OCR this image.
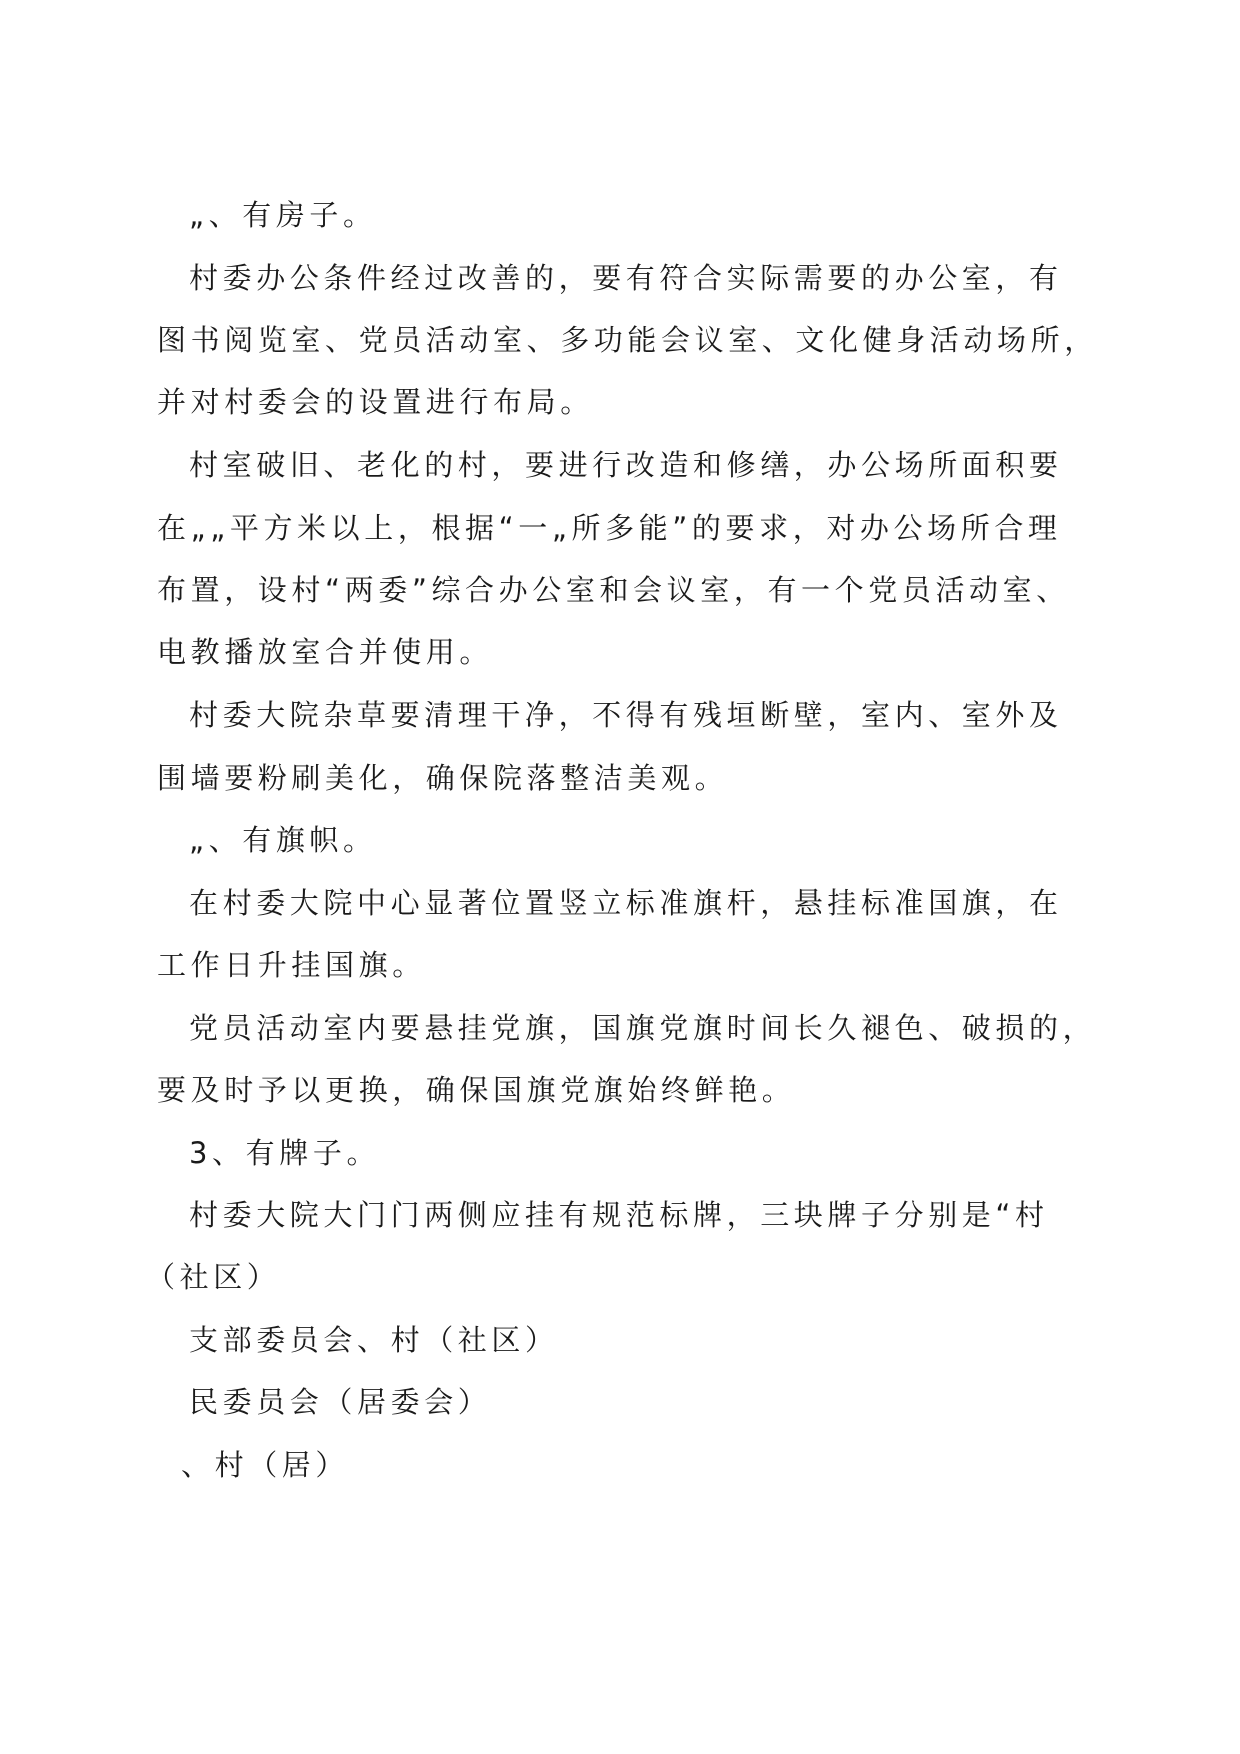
„、有房子。
村委办公条件经过改善的，要有符合实际需要的办公室，有
图书阅览室、党员活动室、多功能会议室、文化健身活动场所，
并对村委会的设置进行布局。
村室破旧、老化的村，要进行改造和修缮，办公场所面积要
在„„平方米以上，根据“一„所多能”的要求，对办公场所合理
布置，设村“两委”综合办公室和会议室，有一个党员活动室、
电教播放室合并使用。
村委大院杂草要清理干净，不得有残垣断壁，室内、室外及
围墙要粉刷美化，确保院落整洁美观。
„、有旗帜。
在村委大院中心显著位置竖立标准旗杆，悬挂标准国旗，在
工作日升挂国旗。
党员活动室内要悬挂党旗，国旗党旗时间长久褪色、破损的，
要及时予以更换，确保国旗党旗始终鲜艳。
3、有牌子。
村委大院大门门两侧应挂有规范标牌，三块牌子分别是“村
（社区）
支部委员会、村（社区）
民委员会（居委会）
、村（居）
